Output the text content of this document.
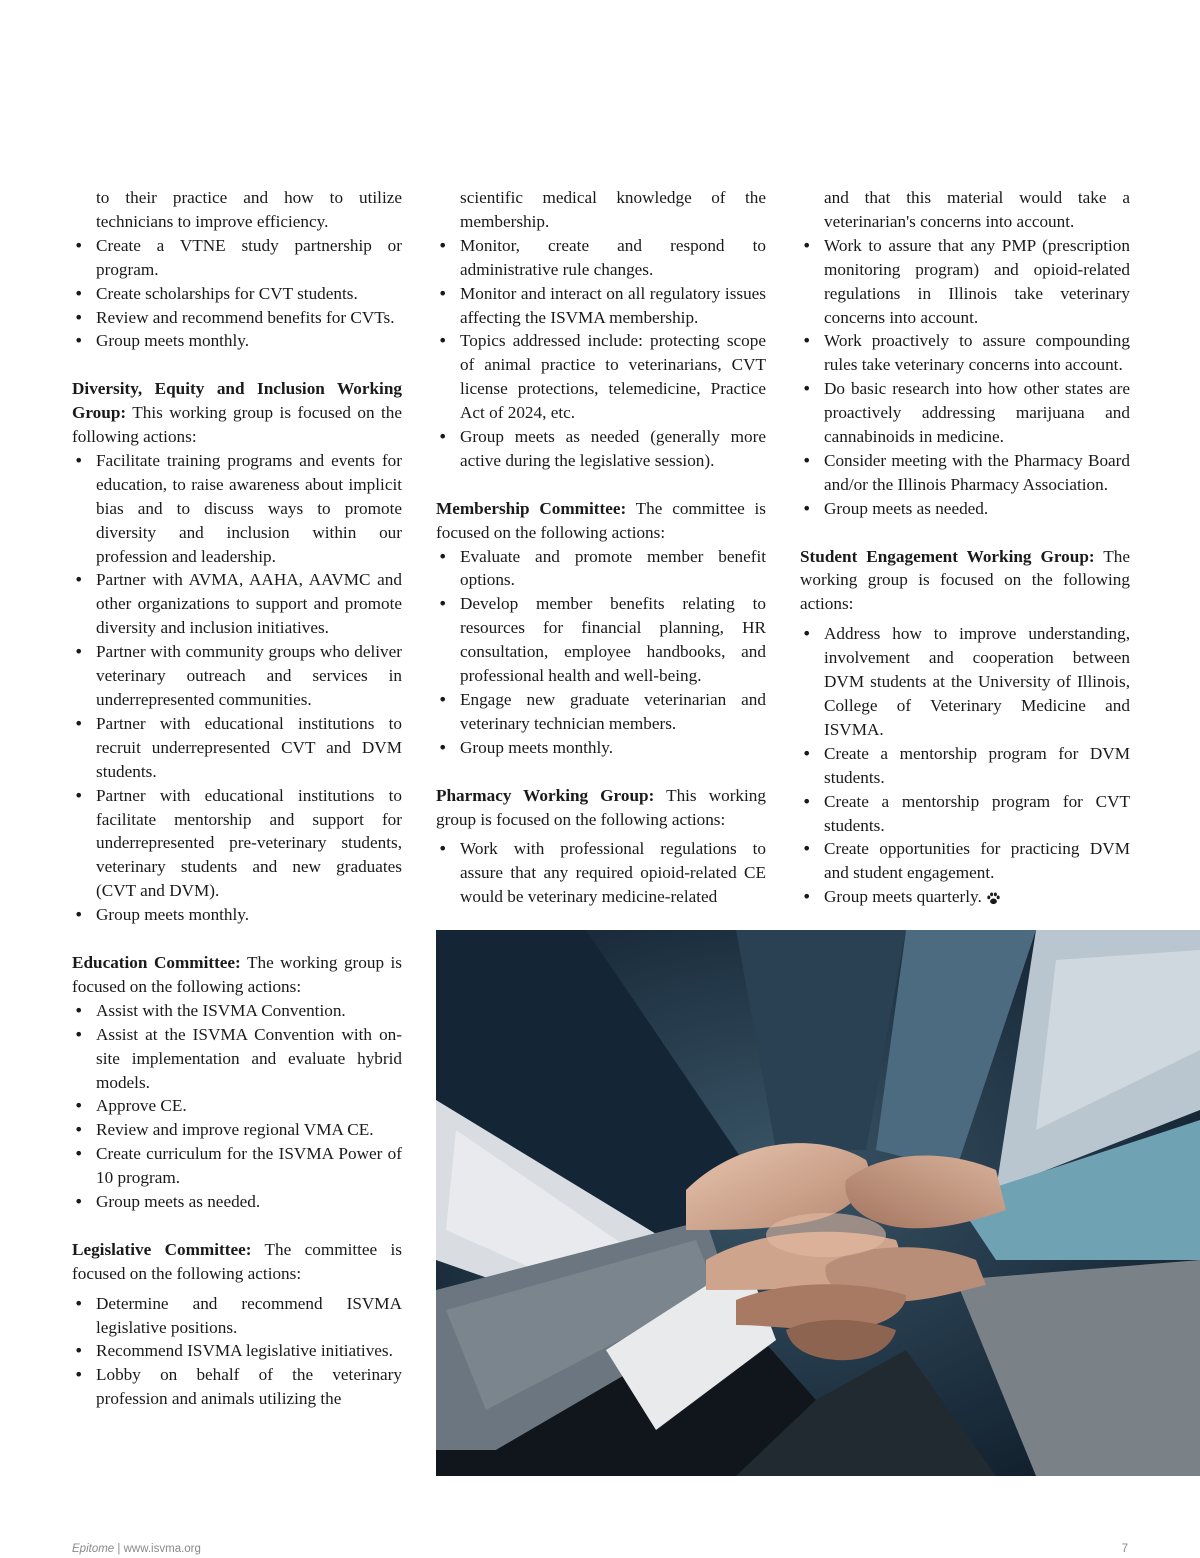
to their practice and how to utilize technicians to improve efficiency.
• Create a VTNE study partnership or program.
• Create scholarships for CVT students.
• Review and recommend benefits for CVTs.
• Group meets monthly.

Diversity, Equity and Inclusion Working Group: This working group is focused on the following actions:

• Facilitate training programs and events for education, to raise awareness about implicit bias and to discuss ways to promote diversity and inclusion within our profession and leadership.
• Partner with AVMA, AAHA, AAVMC and other organizations to support and promote diversity and inclusion initiatives.
• Partner with community groups who deliver veterinary outreach and services in underrepresented communities.
• Partner with educational institutions to recruit underrepresented CVT and DVM students.
• Partner with educational institutions to facilitate mentorship and support for underrepresented pre-veterinary students, veterinary students and new graduates (CVT and DVM).
• Group meets monthly.

Education Committee: The working group is focused on the following actions:

• Assist with the ISVMA Convention.
• Assist at the ISVMA Convention with on-site implementation and evaluate hybrid models.
• Approve CE.
• Review and improve regional VMA CE.
• Create curriculum for the ISVMA Power of 10 program.
• Group meets as needed.

Legislative Committee: The committee is focused on the following actions:

• Determine and recommend ISVMA legislative positions.
• Recommend ISVMA legislative initiatives.
• Lobby on behalf of the veterinary profession and animals utilizing the
scientific medical knowledge of the membership.
• Monitor, create and respond to administrative rule changes.
• Monitor and interact on all regulatory issues affecting the ISVMA membership.
• Topics addressed include: protecting scope of animal practice to veterinarians, CVT license protections, telemedicine, Practice Act of 2024, etc.
• Group meets as needed (generally more active during the legislative session).

Membership Committee: The committee is focused on the following actions:

• Evaluate and promote member benefit options.
• Develop member benefits relating to resources for financial planning, HR consultation, employee handbooks, and professional health and well-being.
• Engage new graduate veterinarian and veterinary technician members.
• Group meets monthly.

Pharmacy Working Group: This working group is focused on the following actions:

• Work with professional regulations to assure that any required opioid-related CE would be veterinary medicine-related
and that this material would take a veterinarian's concerns into account.
• Work to assure that any PMP (prescription monitoring program) and opioid-related regulations in Illinois take veterinary concerns into account.
• Work proactively to assure compounding rules take veterinary concerns into account.
• Do basic research into how other states are proactively addressing marijuana and cannabinoids in medicine.
• Consider meeting with the Pharmacy Board and/or the Illinois Pharmacy Association.
• Group meets as needed.

Student Engagement Working Group: The working group is focused on the following actions:

• Address how to improve understanding, involvement and cooperation between DVM students at the University of Illinois, College of Veterinary Medicine and ISVMA.
• Create a mentorship program for DVM students.
• Create a mentorship program for CVT students.
• Create opportunities for practicing DVM and student engagement.
• Group meets quarterly.
Epitome | www.isvma.org	7
